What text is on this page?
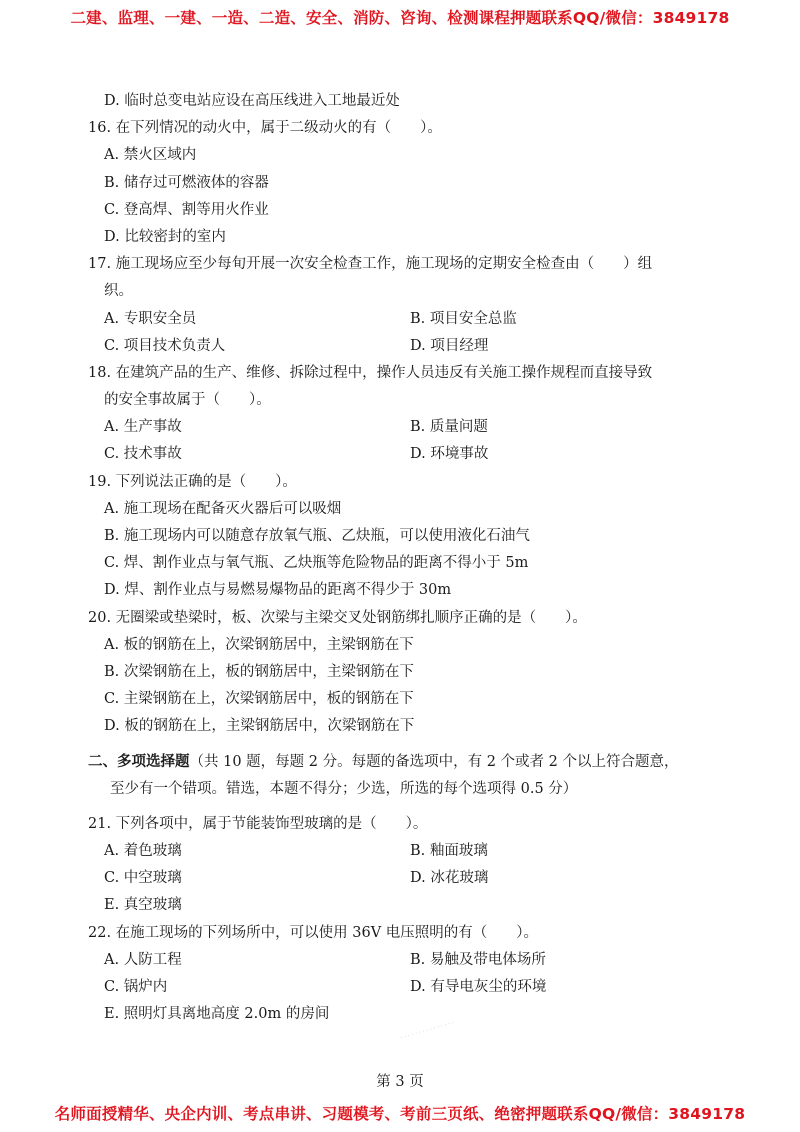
二建、监理、一建、一造、二造、安全、消防、咨询、检测课程押题联系QQ/微信：3849178
D. 临时总变电站应设在高压线进入工地最近处
16. 在下列情况的动火中，属于二级动火的有（　　）。
A. 禁火区域内
B. 储存过可燃液体的容器
C. 登高焊、割等用火作业
D. 比较密封的室内
17. 施工现场应至少每旬开展一次安全检查工作，施工现场的定期安全检查由（　　）组
织。
A. 专职安全员	B. 项目安全总监
C. 项目技术负责人	D. 项目经理
18. 在建筑产品的生产、维修、拆除过程中，操作人员违反有关施工操作规程而直接导致
的安全事故属于（　　）。
A. 生产事故	B. 质量问题
C. 技术事故	D. 环境事故
19. 下列说法正确的是（　　）。
A. 施工现场在配备灭火器后可以吸烟
B. 施工现场内可以随意存放氧气瓶、乙炔瓶，可以使用液化石油气
C. 焊、割作业点与氧气瓶、乙炔瓶等危险物品的距离不得小于 5m
D. 焊、割作业点与易燃易爆物品的距离不得少于 30m
20. 无圈梁或垫梁时，板、次梁与主梁交叉处钢筋绑扎顺序正确的是（　　）。
A. 板的钢筋在上，次梁钢筋居中，主梁钢筋在下
B. 次梁钢筋在上，板的钢筋居中，主梁钢筋在下
C. 主梁钢筋在上，次梁钢筋居中，板的钢筋在下
D. 板的钢筋在上，主梁钢筋居中，次梁钢筋在下
二、多项选择题（共 10 题，每题 2 分。每题的备选项中，有 2 个或者 2 个以上符合题意，
至少有一个错项。错选，本题不得分；少选，所选的每个选项得 0.5 分）
21. 下列各项中，属于节能装饰型玻璃的是（　　）。
A. 着色玻璃	B. 釉面玻璃
C. 中空玻璃	D. 冰花玻璃
E. 真空玻璃
22. 在施工现场的下列场所中，可以使用 36V 电压照明的有（　　）。
A. 人防工程	B. 易触及带电体场所
C. 锅炉内	D. 有导电灰尘的环境
E. 照明灯具离地高度 2.0m 的房间
· · · · · · · · · · · · · · ·
第 3 页
名师面授精华、央企内训、考点串讲、习题模考、考前三页纸、绝密押题联系QQ/微信：3849178
